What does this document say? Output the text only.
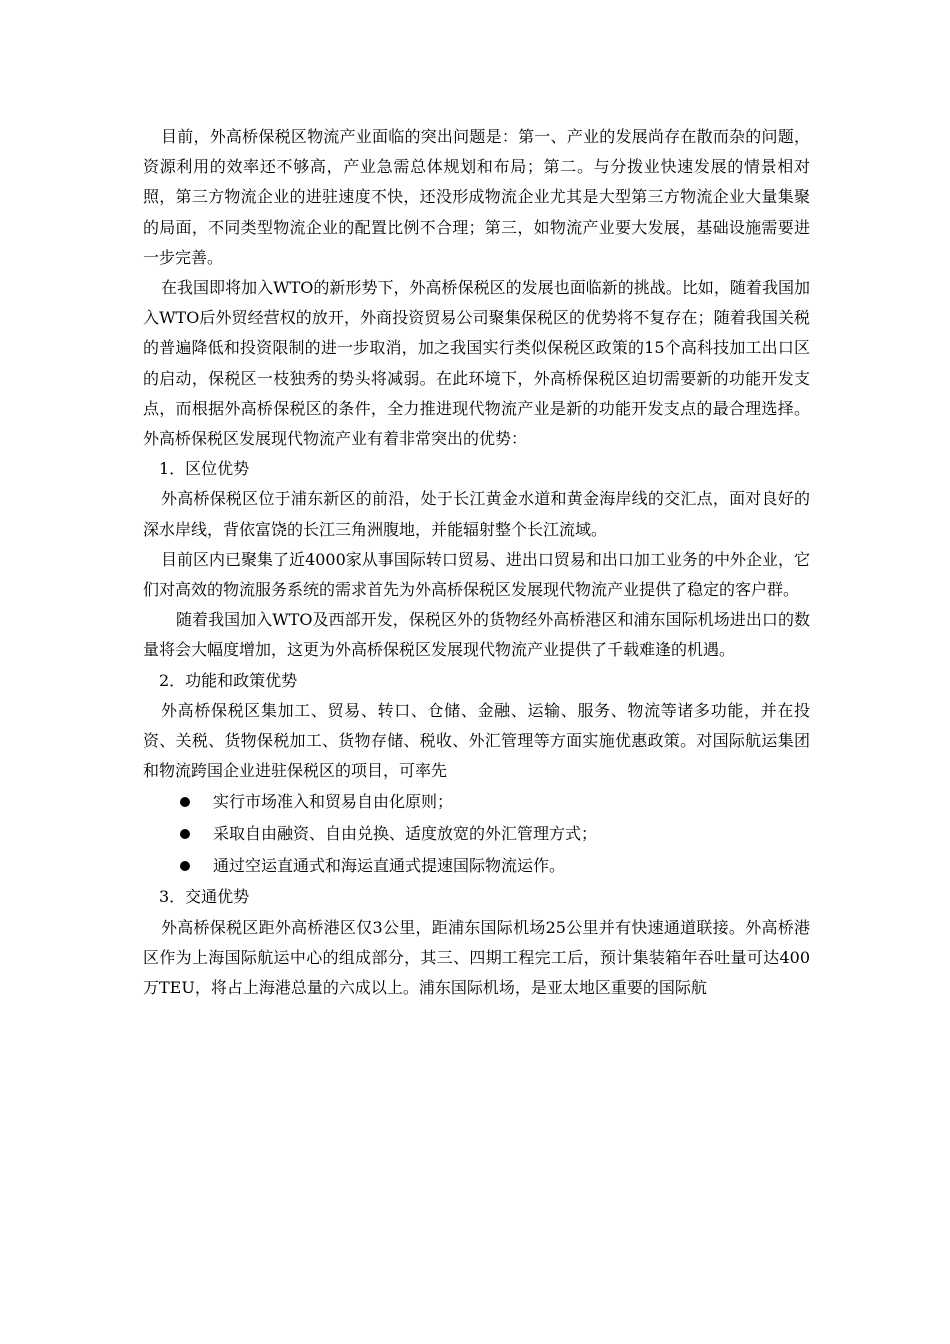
目前，外高桥保税区物流产业面临的突出问题是：第一、产业的发展尚存在散而杂的问题，资源利用的效率还不够高，产业急需总体规划和布局；第二。与分拨业快速发展的情景相对照，第三方物流企业的进驻速度不快，还没形成物流企业尤其是大型第三方物流企业大量集聚的局面，不同类型物流企业的配置比例不合理；第三，如物流产业要大发展，基础设施需要进一步完善。

在我国即将加入WTO的新形势下，外高桥保税区的发展也面临新的挑战。比如，随着我国加入WTO后外贸经营权的放开，外商投资贸易公司聚集保税区的优势将不复存在；随着我国关税的普遍降低和投资限制的进一步取消，加之我国实行类似保税区政策的15个高科技加工出口区的启动，保税区一枝独秀的势头将减弱。在此环境下，外高桥保税区迫切需要新的功能开发支点，而根据外高桥保税区的条件，全力推进现代物流产业是新的功能开发支点的最合理选择。外高桥保税区发展现代物流产业有着非常突出的优势：

1．区位优势

外高桥保税区位于浦东新区的前沿，处于长江黄金水道和黄金海岸线的交汇点，面对良好的深水岸线，背依富饶的长江三角洲腹地，并能辐射整个长江流域。

目前区内已聚集了近4000家从事国际转口贸易、进出口贸易和出口加工业务的中外企业，它们对高效的物流服务系统的需求首先为外高桥保税区发展现代物流产业提供了稳定的客户群。

随着我国加入WTO及西部开发，保税区外的货物经外高桥港区和浦东国际机场进出口的数量将会大幅度增加，这更为外高桥保税区发展现代物流产业提供了千载难逢的机遇。

2．功能和政策优势

外高桥保税区集加工、贸易、转口、仓储、金融、运输、服务、物流等诸多功能，并在投资、关税、货物保税加工、货物存储、税收、外汇管理等方面实施优惠政策。对国际航运集团和物流跨国企业进驻保税区的项目，可率先

实行市场准入和贸易自由化原则；
采取自由融资、自由兑换、适度放宽的外汇管理方式；
通过空运直通式和海运直通式提速国际物流运作。

3．交通优势

外高桥保税区距外高桥港区仅3公里，距浦东国际机场25公里并有快速通道联接。外高桥港区作为上海国际航运中心的组成部分，其三、四期工程完工后，预计集装箱年吞吐量可达400万TEU，将占上海港总量的六成以上。浦东国际机场，是亚太地区重要的国际航
